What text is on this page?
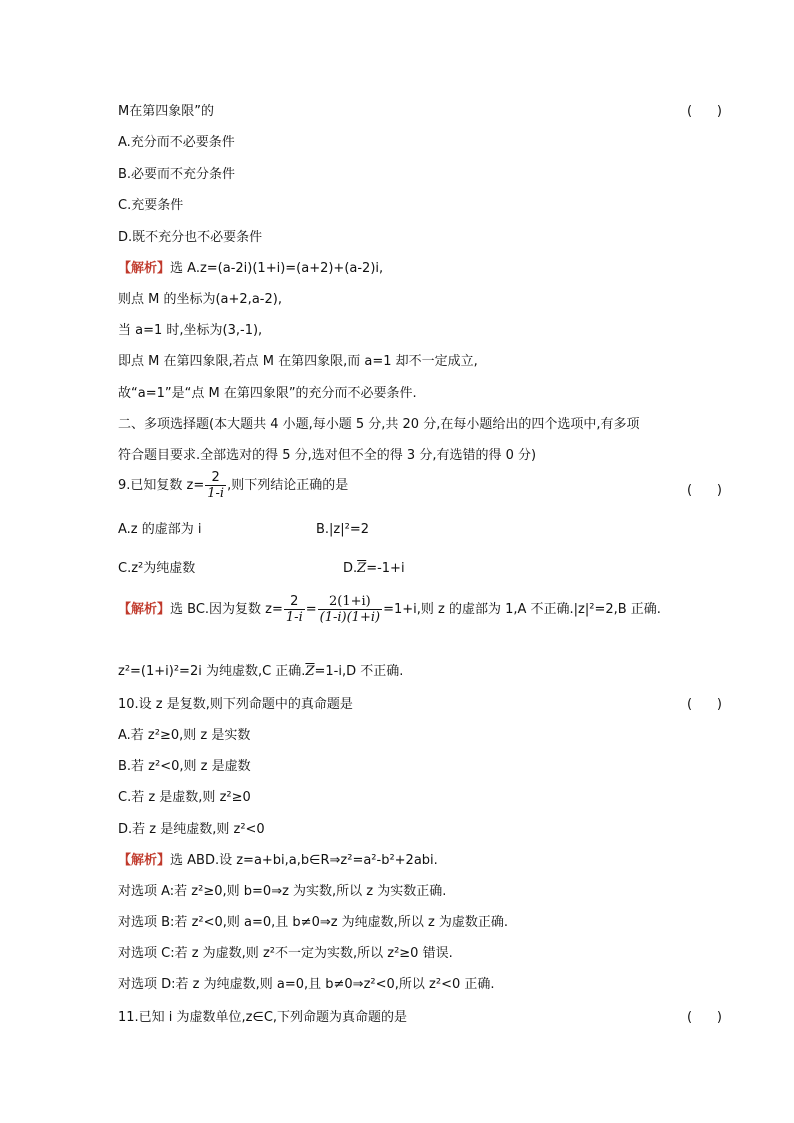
M在第四象限”的	(      )
A.充分而不必要条件
B.必要而不充分条件
C.充要条件
D.既不充分也不必要条件
【解析】选 A.z=(a-2i)(1+i)=(a+2)+(a-2)i,
则点 M 的坐标为(a+2,a-2),
当 a=1 时,坐标为(3,-1),
即点 M 在第四象限,若点 M 在第四象限,而 a=1 却不一定成立,
故“a=1”是“点 M 在第四象限”的充分而不必要条件.
二、多项选择题(本大题共 4 小题,每小题 5 分,共 20 分,在每小题给出的四个选项中,有多项
符合题目要求.全部选对的得 5 分,选对但不全的得 3 分,有选错的得 0 分)
9.已知复数 $z= \frac{2}{1-i}$ ,则下列结论正确的是	(      )
A.z 的虚部为 i	B.|z|²=2
C.z²为纯虚数	$D.\overline{Z}=-1+i$
【解析】选 BC.因为复数 $z= \frac{2}{1-i} = \frac{2(1+i)}{(1-i)(1+i)} =1+i$,则 z 的虚部为 1,A 不正确.|z|²=2,B 正确.
z²=(1+i)²=2i 为纯虚数,C 正确$.\overline{Z}=1-i,D$ 不正确.
10.设 z 是复数,则下列命题中的真命题是	(      )
A.若 z²≥0,则 z 是实数
B.若 z²<0,则 z 是虚数
C.若 z 是虚数,则 z²≥0
D.若 z 是纯虚数,则 z²<0
【解析】选 ABD.设 z=a+bi,a,b∈R⇒z²=a²-b²+2abi.
对选项 A:若 z²≥0,则 b=0⇒z 为实数,所以 z 为实数正确.
对选项 B:若 z²<0,则 a=0,且 b≠0⇒z 为纯虚数,所以 z 为虚数正确.
对选项 C:若 z 为虚数,则 z²不一定为实数,所以 z²≥0 错误.
对选项 D:若 z 为纯虚数,则 a=0,且 b≠0⇒z²<0,所以 z²<0 正确.
11.已知 i 为虚数单位,z∈C,下列命题为真命题的是	(      )
